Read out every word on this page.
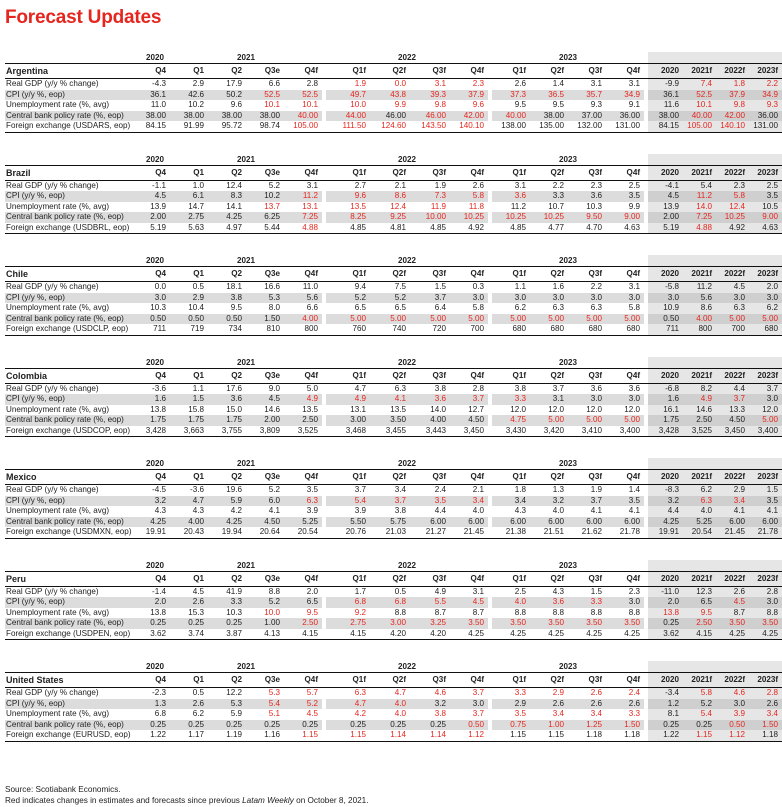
Forecast Updates
	2020	2021					2022					2023								
Argentina	Q4	Q1	Q2	Q3e	Q4f		Q1f	Q2f	Q3f	Q4f		Q1f	Q2f	Q3f	Q4f		2020	2021f	2022f	2023f
Real GDP (y/y % change)	-4.3	2.9	17.9	6.6	2.8		1.9	0.0	3.1	2.3		2.6	1.4	3.1	3.1		-9.9	7.4	1.8	2.2
CPI (y/y %, eop)	36.1	42.6	50.2	52.5	52.5		49.7	43.8	39.3	37.9		37.3	36.5	35.7	34.9		36.1	52.5	37.9	34.9
Unemployment rate (%, avg)	11.0	10.2	9.6	10.1	10.1		10.0	9.9	9.8	9.6		9.5	9.5	9.3	9.1		11.6	10.1	9.8	9.3
Central bank policy rate (%, eop)	38.00	38.00	38.00	38.00	40.00		44.00	46.00	46.00	42.00		40.00	38.00	37.00	36.00		38.00	40.00	42.00	36.00
Foreign exchange (USDARS, eop)	84.15	91.99	95.72	98.74	105.00		111.50	124.60	143.50	140.10		138.00	135.00	132.00	131.00		84.15	105.00	140.10	131.00
	2020	2021					2022					2023								
Brazil	Q4	Q1	Q2	Q3e	Q4f		Q1f	Q2f	Q3f	Q4f		Q1f	Q2f	Q3f	Q4f		2020	2021f	2022f	2023f
Real GDP (y/y % change)	-1.1	1.0	12.4	5.2	3.1		2.7	2.1	1.9	2.6		3.1	2.2	2.3	2.5		-4.1	5.4	2.3	2.5
CPI (y/y %, eop)	4.5	6.1	8.3	10.2	11.2		9.6	8.6	7.3	5.8		3.6	3.3	3.6	3.5		4.5	11.2	5.8	3.5
Unemployment rate (%, avg)	13.9	14.7	14.1	13.7	13.1		13.5	12.4	11.9	11.8		11.2	10.7	10.3	9.9		13.9	14.0	12.4	10.5
Central bank policy rate (%, eop)	2.00	2.75	4.25	6.25	7.25		8.25	9.25	10.00	10.25		10.25	10.25	9.50	9.00		2.00	7.25	10.25	9.00
Foreign exchange (USDBRL, eop)	5.19	5.63	4.97	5.44	4.88		4.85	4.81	4.85	4.92		4.85	4.77	4.70	4.63		5.19	4.88	4.92	4.63
	2020	2021					2022					2023								
Chile	Q4	Q1	Q2	Q3e	Q4f		Q1f	Q2f	Q3f	Q4f		Q1f	Q2f	Q3f	Q4f		2020	2021f	2022f	2023f
Real GDP (y/y % change)	0.0	0.5	18.1	16.6	11.0		9.4	7.5	1.5	0.3		1.1	1.6	2.2	3.1		-5.8	11.2	4.5	2.0
CPI (y/y %, eop)	3.0	2.9	3.8	5.3	5.6		5.2	5.2	3.7	3.0		3.0	3.0	3.0	3.0		3.0	5.6	3.0	3.0
Unemployment rate (%, avg)	10.3	10.4	9.5	8.0	6.6		6.5	6.5	6.4	5.8		6.2	6.3	6.3	5.8		10.9	8.6	6.3	6.2
Central bank policy rate (%, eop)	0.50	0.50	0.50	1.50	4.00		5.00	5.00	5.00	5.00		5.00	5.00	5.00	5.00		0.50	4.00	5.00	5.00
Foreign exchange (USDCLP, eop)	711	719	734	810	800		760	740	720	700		680	680	680	680		711	800	700	680
	2020	2021					2022					2023								
Colombia	Q4	Q1	Q2	Q3e	Q4f		Q1f	Q2f	Q3f	Q4f		Q1f	Q2f	Q3f	Q4f		2020	2021f	2022f	2023f
Real GDP (y/y % change)	-3.6	1.1	17.6	9.0	5.0		4.7	6.3	3.8	2.8		3.8	3.7	3.6	3.6		-6.8	8.2	4.4	3.7
CPI (y/y %, eop)	1.6	1.5	3.6	4.5	4.9		4.9	4.1	3.6	3.7		3.3	3.1	3.0	3.0		1.6	4.9	3.7	3.0
Unemployment rate (%, avg)	13.8	15.8	15.0	14.6	13.5		13.1	13.5	14.0	12.7		12.0	12.0	12.0	12.0		16.1	14.6	13.3	12.0
Central bank policy rate (%, eop)	1.75	1.75	1.75	2.00	2.50		3.00	3.50	4.00	4.50		4.75	5.00	5.00	5.00		1.75	2.50	4.50	5.00
Foreign exchange (USDCOP, eop)	3,428	3,663	3,755	3,809	3,525		3,468	3,455	3,443	3,450		3,430	3,420	3,410	3,400		3,428	3,525	3,450	3,400
	2020	2021					2022					2023								
Mexico	Q4	Q1	Q2	Q3e	Q4f		Q1f	Q2f	Q3f	Q4f		Q1f	Q2f	Q3f	Q4f		2020	2021f	2022f	2023f
Real GDP (y/y % change)	-4.5	-3.6	19.6	5.2	3.5		3.7	3.4	2.4	2.1		1.8	1.3	1.9	1.4		-8.3	6.2	2.9	1.5
CPI (y/y %, eop)	3.2	4.7	5.9	6.0	6.3		5.4	3.7	3.5	3.4		3.4	3.2	3.7	3.5		3.2	6.3	3.4	3.5
Unemployment rate (%, avg)	4.3	4.3	4.2	4.1	3.9		3.9	3.8	4.4	4.0		4.3	4.0	4.1	4.1		4.4	4.0	4.1	4.1
Central bank policy rate (%, eop)	4.25	4.00	4.25	4.50	5.25		5.50	5.75	6.00	6.00		6.00	6.00	6.00	6.00		4.25	5.25	6.00	6.00
Foreign exchange (USDMXN, eop)	19.91	20.43	19.94	20.64	20.54		20.76	21.03	21.27	21.45		21.38	21.51	21.62	21.78		19.91	20.54	21.45	21.78
	2020	2021					2022					2023								
Peru	Q4	Q1	Q2	Q3e	Q4f		Q1f	Q2f	Q3f	Q4f		Q1f	Q2f	Q3f	Q4f		2020	2021f	2022f	2023f
Real GDP (y/y % change)	-1.4	4.5	41.9	8.8	2.0		1.7	0.5	4.9	3.1		2.5	4.3	1.5	2.3		-11.0	12.3	2.6	2.8
CPI (y/y %, eop)	2.0	2.6	3.3	5.2	6.5		6.8	6.8	5.5	4.5		4.0	3.6	3.3	3.0		2.0	6.5	4.5	3.0
Unemployment rate (%, avg)	13.8	15.3	10.3	10.0	9.5		9.2	8.8	8.7	8.7		8.8	8.8	8.8	8.8		13.8	9.5	8.7	8.8
Central bank policy rate (%, eop)	0.25	0.25	0.25	1.00	2.50		2.75	3.00	3.25	3.50		3.50	3.50	3.50	3.50		0.25	2.50	3.50	3.50
Foreign exchange (USDPEN, eop)	3.62	3.74	3.87	4.13	4.15		4.15	4.20	4.20	4.25		4.25	4.25	4.25	4.25		3.62	4.15	4.25	4.25
	2020	2021					2022					2023								
United States	Q4	Q1	Q2	Q3e	Q4f		Q1f	Q2f	Q3f	Q4f		Q1f	Q2f	Q3f	Q4f		2020	2021f	2022f	2023f
Real GDP (y/y % change)	-2.3	0.5	12.2	5.3	5.7		6.3	4.7	4.6	3.7		3.3	2.9	2.6	2.4		-3.4	5.8	4.6	2.8
CPI (y/y %, eop)	1.3	2.6	5.3	5.4	5.2		4.7	4.0	3.2	3.0		2.9	2.6	2.6	2.6		1.2	5.2	3.0	2.6
Unemployment rate (%, avg)	6.8	6.2	5.9	5.1	4.5		4.2	4.0	3.8	3.7		3.5	3.4	3.4	3.3		8.1	5.4	3.9	3.4
Central bank policy rate (%, eop)	0.25	0.25	0.25	0.25	0.25		0.25	0.25	0.25	0.50		0.75	1.00	1.25	1.50		0.25	0.25	0.50	1.50
Foreign exchange (EURUSD, eop)	1.22	1.17	1.19	1.16	1.15		1.15	1.14	1.14	1.12		1.15	1.15	1.18	1.18		1.22	1.15	1.12	1.18
Source: Scotiabank Economics.
Red indicates changes in estimates and forecasts since previous Latam Weekly on October 8, 2021.
